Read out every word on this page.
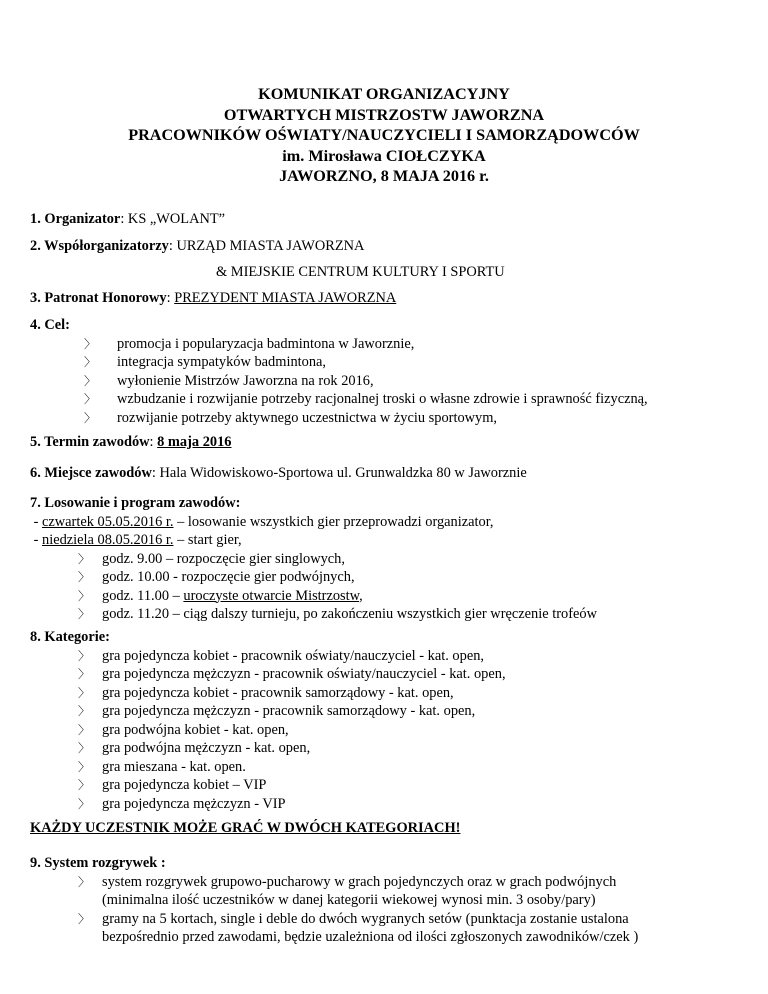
KOMUNIKAT ORGANIZACYJNY
OTWARTYCH MISTRZOSTW JAWORZNA
PRACOWNIKÓW OŚWIATY/NAUCZYCIELI I SAMORZĄDOWCÓW
im. Mirosława CIOŁCZYKA
JAWORZNO, 8 MAJA 2016 r.
1. Organizator: KS „WOLANT”
2. Współorganizatorzy: URZĄD MIASTA JAWORZNA
& MIEJSKIE CENTRUM KULTURY I SPORTU
3. Patronat Honorowy: PREZYDENT MIASTA JAWORZNA
4. Cel:
〉 promocja i popularyzacja badmintona w Jaworznie,
〉 integracja sympatyków badmintona,
〉 wyłonienie Mistrzów Jaworzna na rok 2016,
〉 wzbudzanie i rozwijanie potrzeby racjonalnej troski o własne zdrowie i sprawność fizyczną,
〉 rozwijanie potrzeby aktywnego uczestnictwa w życiu sportowym,
5. Termin zawodów: 8 maja 2016
6. Miejsce zawodów: Hala Widowiskowo-Sportowa ul. Grunwaldzka 80 w Jaworznie
7. Losowanie i program zawodów:
- czwartek 05.05.2016 r. – losowanie wszystkich gier przeprowadzi organizator,
- niedziela 08.05.2016 r. – start gier,
〉 godz. 9.00 – rozpoczęcie gier singlowych,
〉 godz. 10.00 - rozpoczęcie gier podwójnych,
〉 godz. 11.00 – uroczyste otwarcie Mistrzostw,
〉 godz. 11.20 – ciąg dalszy turnieju, po zakończeniu wszystkich gier wręczenie trofeów
8. Kategorie:
〉 gra pojedyncza kobiet - pracownik oświaty/nauczyciel - kat. open,
〉 gra pojedyncza mężczyzn - pracownik oświaty/nauczyciel - kat. open,
〉 gra pojedyncza kobiet - pracownik samorządowy - kat. open,
〉 gra pojedyncza mężczyzn - pracownik samorządowy - kat. open,
〉 gra podwójna kobiet - kat. open,
〉 gra podwójna mężczyzn - kat. open,
〉 gra mieszana - kat. open.
〉 gra pojedyncza kobiet – VIP
〉 gra pojedyncza mężczyzn - VIP
KAŻDY UCZESTNIK MOŻE GRAĆ W DWÓCH KATEGORIACH!
9. System rozgrywek :
〉 system rozgrywek grupowo-pucharowy w grach pojedynczych oraz w grach podwójnych
(minimalna ilość uczestników w danej kategorii wiekowej wynosi min. 3 osoby/pary)
〉 gramy na 5 kortach, single i deble do dwóch wygranych setów (punktacja zostanie ustalona
bezpośrednio przed zawodami, będzie uzależniona od ilości zgłoszonych zawodników/czek )
